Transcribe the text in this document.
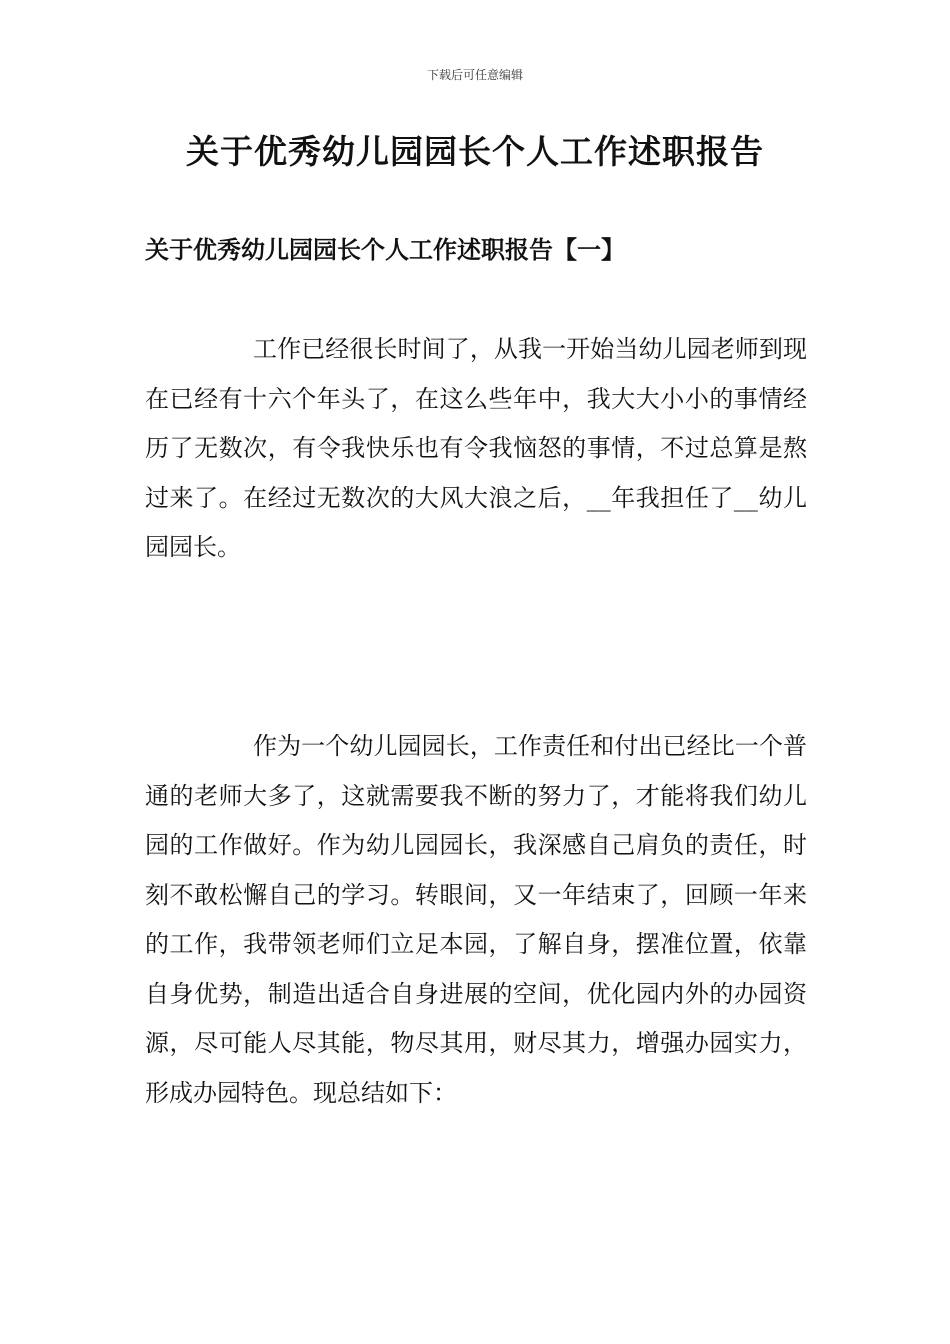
下载后可任意编辑
关于优秀幼儿园园长个人工作述职报告
关于优秀幼儿园园长个人工作述职报告【一】

工作已经很长时间了，从我一开始当幼儿园老师到现在已经有十六个年头了，在这么些年中，我大大小小的事情经历了无数次，有令我快乐也有令我恼怒的事情，不过总算是熬过来了。在经过无数次的大风大浪之后，__年我担任了__幼儿园园长。

作为一个幼儿园园长，工作责任和付出已经比一个普通的老师大多了，这就需要我不断的努力了，才能将我们幼儿园的工作做好。作为幼儿园园长，我深感自己肩负的责任，时刻不敢松懈自己的学习。转眼间，又一年结束了，回顾一年来的工作，我带领老师们立足本园，了解自身，摆准位置，依靠自身优势，制造出适合自身进展的空间，优化园内外的办园资源，尽可能人尽其能，物尽其用，财尽其力，增强办园实力，形成办园特色。现总结如下：
